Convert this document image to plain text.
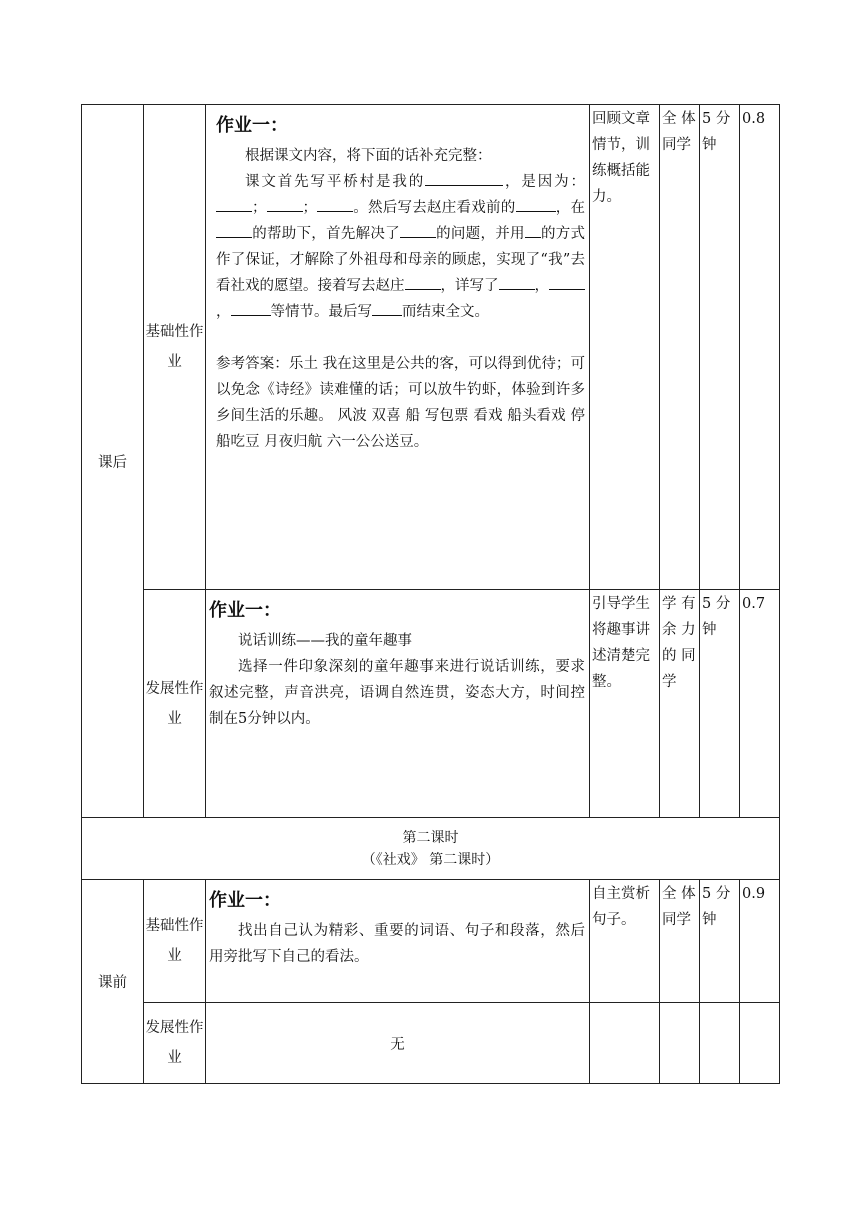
课后	基础性作业	作业一：

根据课文内容，将下面的话补充完整：

课文首先写平桥村是我的 ，是因为：； ； 。然后写去赵庄看戏前的 ，在的帮助下，首先解决了 的问题，并用 的方式作了保证，才解除了外祖母和母亲的顾虑，实现了“我”去看社戏的愿望。接着写去赵庄 ，详写了 ，， 等情节。最后写 而结束全文。

参考答案：乐土 我在这里是公共的客，可以得到优待；可以免念《诗经》读难懂的话；可以放牛钓虾，体验到许多乡间生活的乐趣。 风波 双喜 船 写包票 看戏 船头看戏 停船吃豆 月夜归航 六一公公送豆。	回顾文章情节，训练概括能力。	全 体同学	5 分钟	0.8
	发展性作业	作业一：

说话训练——我的童年趣事

选择一件印象深刻的童年趣事来进行说话训练，要求叙述完整，声音洪亮，语调自然连贯，姿态大方，时间控制在5分钟以内。	引导学生将趣事讲述清楚完整。	学 有余 力的 同学	5 分钟	0.7

第二课时
（《社戏》 第二课时）						

课前	基础性作业	作业一：

找出自己认为精彩、重要的词语、句子和段落，然后用旁批写下自己的看法。	自主赏析句子。	全 体同学	5 分钟	0.9
	发展性作业	无				
